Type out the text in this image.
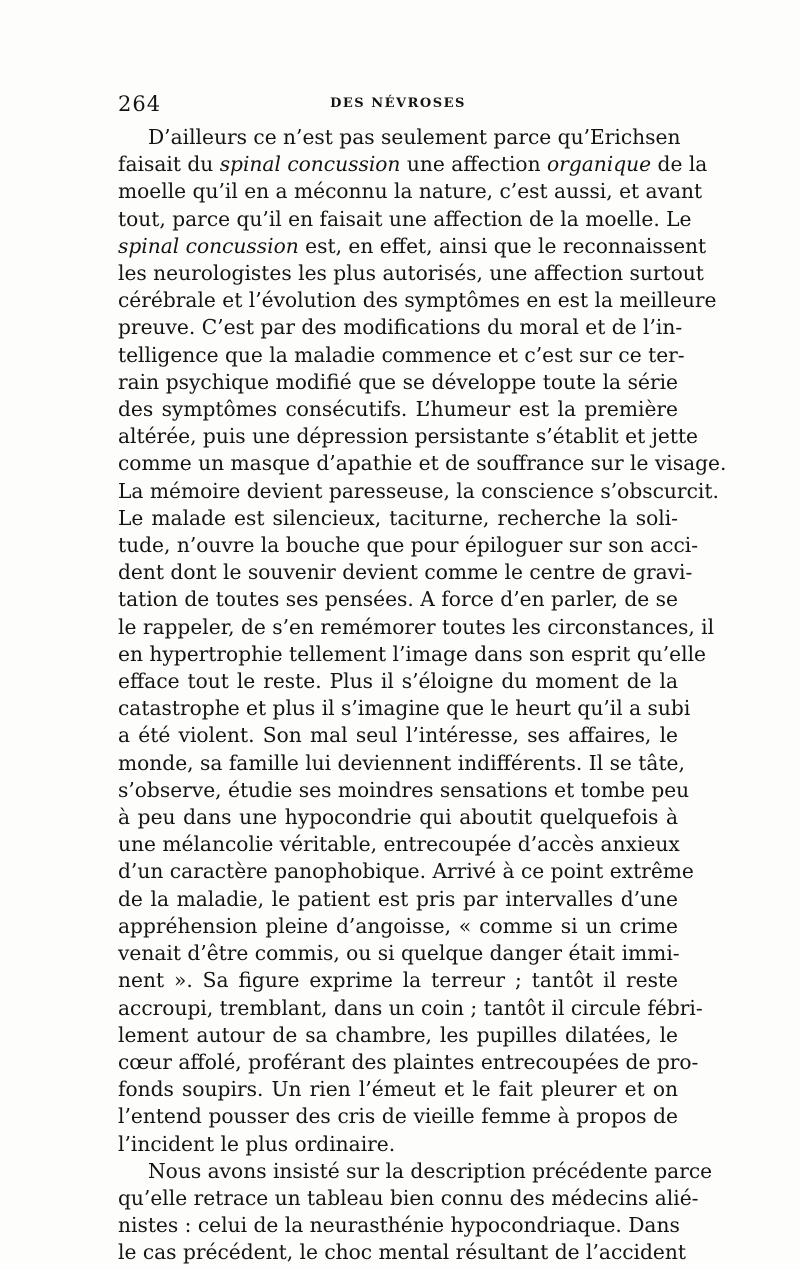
264	DES NÉVROSES
D’ailleurs ce n’est pas seulement parce qu’Erichsen
faisait du spinal concussion une affection organique de la
moelle qu’il en a méconnu la nature, c’est aussi, et avant
tout, parce qu’il en faisait une affection de la moelle. Le
spinal concussion est, en effet, ainsi que le reconnaissent
les neurologistes les plus autorisés, une affection surtout
cérébrale et l’évolution des symptômes en est la meilleure
preuve. C’est par des modifications du moral et de l’in-
telligence que la maladie commence et c’est sur ce ter-
rain psychique modifié que se développe toute la série
des symptômes consécutifs. L’humeur est la première
altérée, puis une dépression persistante s’établit et jette
comme un masque d’apathie et de souffrance sur le visage.
La mémoire devient paresseuse, la conscience s’obscurcit.
Le malade est silencieux, taciturne, recherche la soli-
tude, n’ouvre la bouche que pour épiloguer sur son acci-
dent dont le souvenir devient comme le centre de gravi-
tation de toutes ses pensées. A force d’en parler, de se
le rappeler, de s’en remémorer toutes les circonstances, il
en hypertrophie tellement l’image dans son esprit qu’elle
efface tout le reste. Plus il s’éloigne du moment de la
catastrophe et plus il s’imagine que le heurt qu’il a subi
a été violent. Son mal seul l’intéresse, ses affaires, le
monde, sa famille lui deviennent indifférents. Il se tâte,
s’observe, étudie ses moindres sensations et tombe peu
à peu dans une hypocondrie qui aboutit quelquefois à
une mélancolie véritable, entrecoupée d’accès anxieux
d’un caractère panophobique. Arrivé à ce point extrême
de la maladie, le patient est pris par intervalles d’une
appréhension pleine d’angoisse, « comme si un crime
venait d’être commis, ou si quelque danger était immi-
nent ». Sa figure exprime la terreur ; tantôt il reste
accroupi, tremblant, dans un coin ; tantôt il circule fébri-
lement autour de sa chambre, les pupilles dilatées, le
cœur affolé, proférant des plaintes entrecoupées de pro-
fonds soupirs. Un rien l’émeut et le fait pleurer et on
l’entend pousser des cris de vieille femme à propos de
l’incident le plus ordinaire.
Nous avons insisté sur la description précédente parce
qu’elle retrace un tableau bien connu des médecins alié-
nistes : celui de la neurasthénie hypocondriaque. Dans
le cas précédent, le choc mental résultant de l’accident
